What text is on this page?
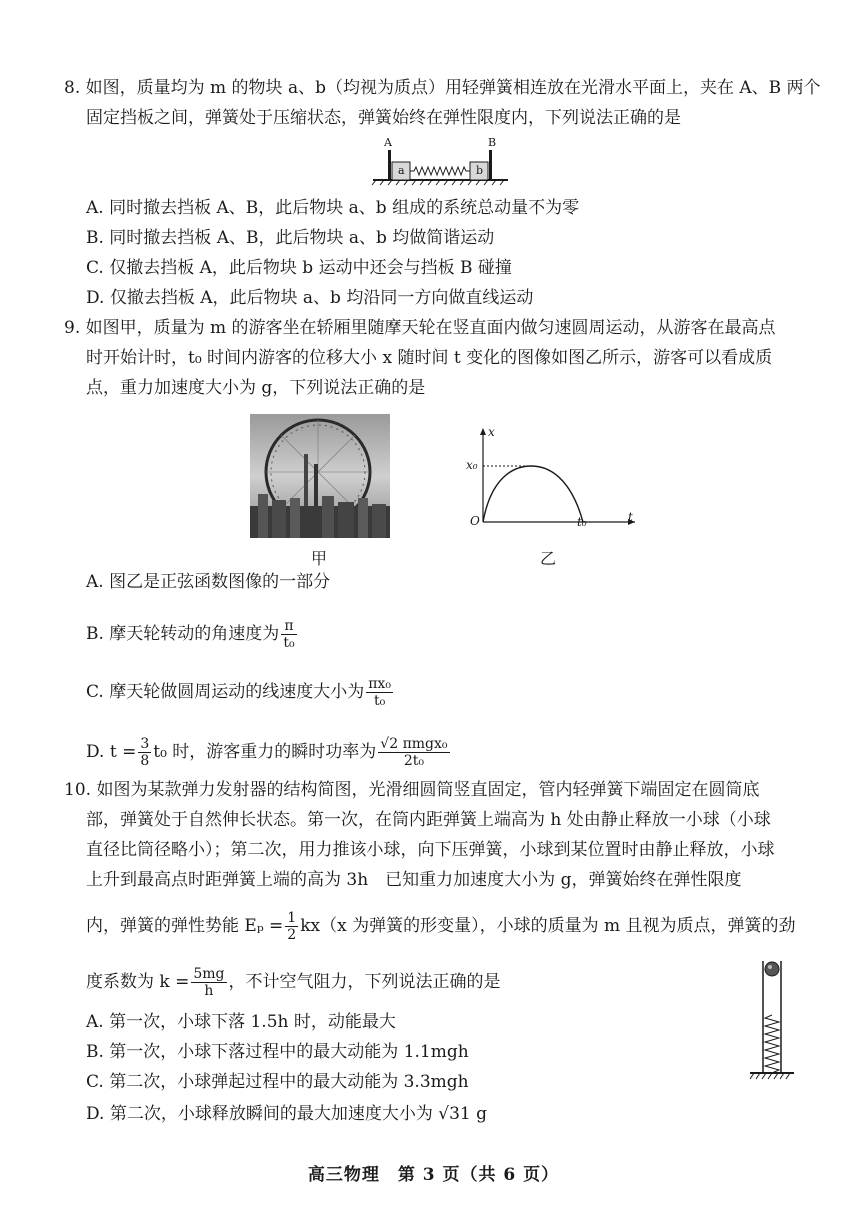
8. 如图，质量均为 m 的物块 a、b（均视为质点）用轻弹簧相连放在光滑水平面上，夹在 A、B 两个
固定挡板之间，弹簧处于压缩状态，弹簧始终在弹性限度内，下列说法正确的是
A	B
a	b
A. 同时撤去挡板 A、B，此后物块 a、b 组成的系统总动量不为零
B. 同时撤去挡板 A、B，此后物块 a、b 均做简谐运动
C. 仅撤去挡板 A，此后物块 b 运动中还会与挡板 B 碰撞
D. 仅撤去挡板 A，此后物块 a、b 均沿同一方向做直线运动
9. 如图甲，质量为 m 的游客坐在轿厢里随摩天轮在竖直面内做匀速圆周运动，从游客在最高点
时开始计时，t₀ 时间内游客的位移大小 x 随时间 t 变化的图像如图乙所示，游客可以看成质
点，重力加速度大小为 g，下列说法正确的是
甲
x
t
O
x₀
t₀
乙
A. 图乙是正弦函数图像的一部分
B. 摩天轮转动的角速度为 $\frac{\pi}{\text{t₀}}$
C. 摩天轮做圆周运动的线速度大小为 $\frac{\text{πx₀}}{\text{t₀}}$
D. $t = \frac{3}{8} t_0$ 时，游客重力的瞬时功率为 $\frac{\text{√2 πmgx₀}}{\text{2t₀}}$
10. 如图为某款弹力发射器的结构简图，光滑细圆筒竖直固定，管内轻弹簧下端固定在圆筒底
部，弹簧处于自然伸长状态。第一次，在筒内距弹簧上端高为 h 处由静止释放一小球（小球
直径比筒径略小）；第二次，用力推该小球，向下压弹簧，小球到某位置时由静止释放，小球
上升到最高点时距弹簧上端的高为 3h　已知重力加速度大小为 g，弹簧始终在弹性限度
内，弹簧的弹性势能 $E_p = \frac{1}{2} kx(x$ 为弹簧的形变量），小球的质量为 m 且视为质点，弹簧的劲
度系数为 $k = \frac{5mg}{h}$ ，不计空气阻力，下列说法正确的是
A. 第一次，小球下落 1.5h 时，动能最大
B. 第一次，小球下落过程中的最大动能为 1.1mgh
C. 第二次，小球弹起过程中的最大动能为 3.3mgh
D. 第二次，小球释放瞬间的最大加速度大小为 √31 g
高三物理　第 3 页（共 6 页）
